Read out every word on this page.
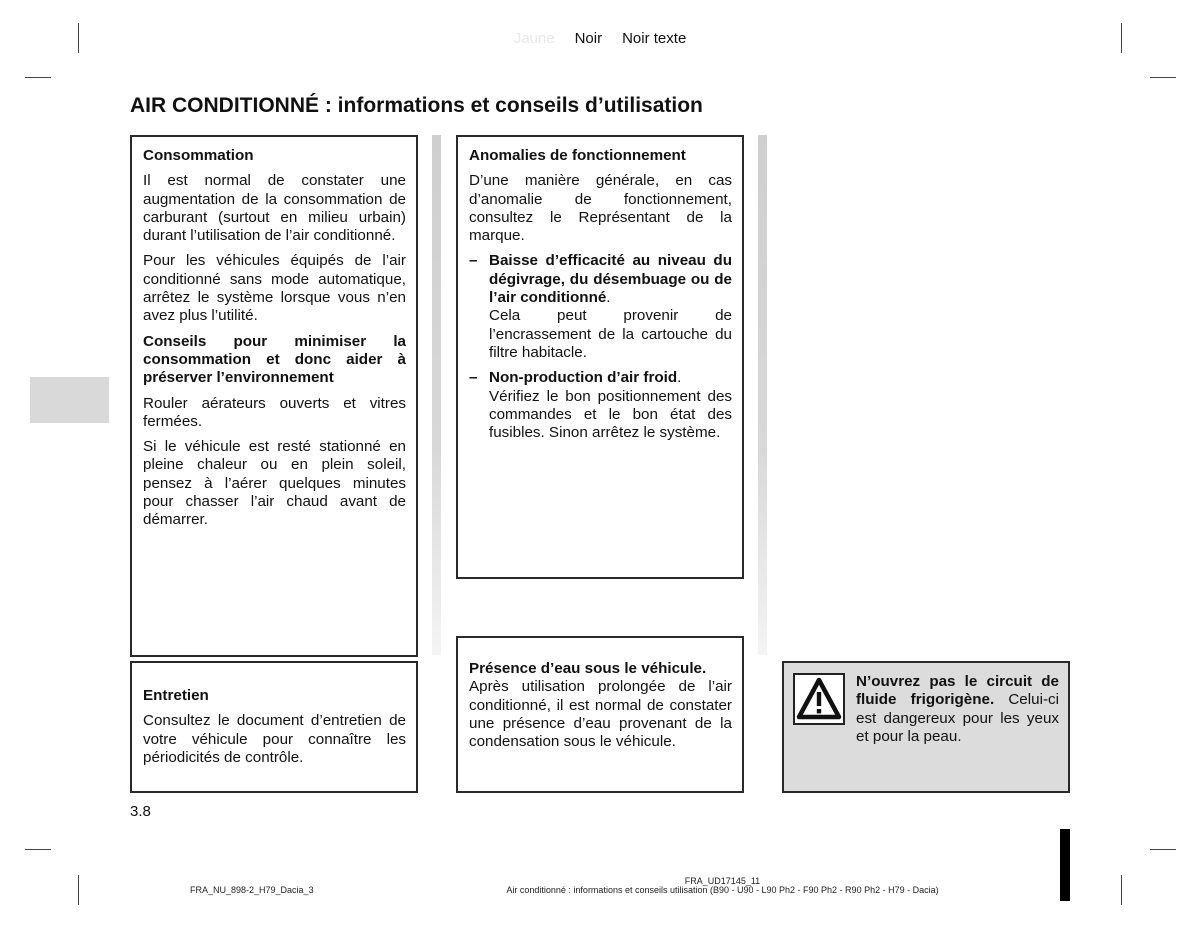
Jaune Noir Noir texte
AIR CONDITIONNÉ : informations et conseils d’utilisation

Consommation

Il est normal de constater une augmentation de la consommation de carburant (surtout en milieu urbain) durant l’utilisation de l’air conditionné.

Pour les véhicules équipés de l’air conditionné sans mode automatique, arrêtez le système lorsque vous n’en avez plus l’utilité.

Conseils pour minimiser la consommation et donc aider à préserver l’environnement

Rouler aérateurs ouverts et vitres fermées.

Si le véhicule est resté stationné en pleine chaleur ou en plein soleil, pensez à l’aérer quelques minutes pour chasser l’air chaud avant de démarrer.

Entretien

Consultez le document d’entretien de votre véhicule pour connaître les périodicités de contrôle.

Anomalies de fonctionnement

D’une manière générale, en cas d’anomalie de fonctionnement, consultez le Représentant de la marque.

– Baisse d’efficacité au niveau du dégivrage, du désembuage ou de l’air conditionné.
Cela peut provenir de l’encrassement de la cartouche du filtre habitacle.
– Non-production d’air froid.
Vérifiez le bon positionnement des commandes et le bon état des fusibles. Sinon arrêtez le système.

Présence d’eau sous le véhicule.
Après utilisation prolongée de l’air conditionné, il est normal de constater une présence d’eau provenant de la condensation sous le véhicule.

N’ouvrez pas le circuit de fluide frigorigène. Celui-ci est dangereux pour les yeux et pour la peau.
3.8
FRA_NU_898-2_H79_Dacia_3
FRA_UD17145_11
Air conditionné : informations et conseils utilisation (B90 - U90 - L90 Ph2 - F90 Ph2 - R90 Ph2 - H79 - Dacia)
